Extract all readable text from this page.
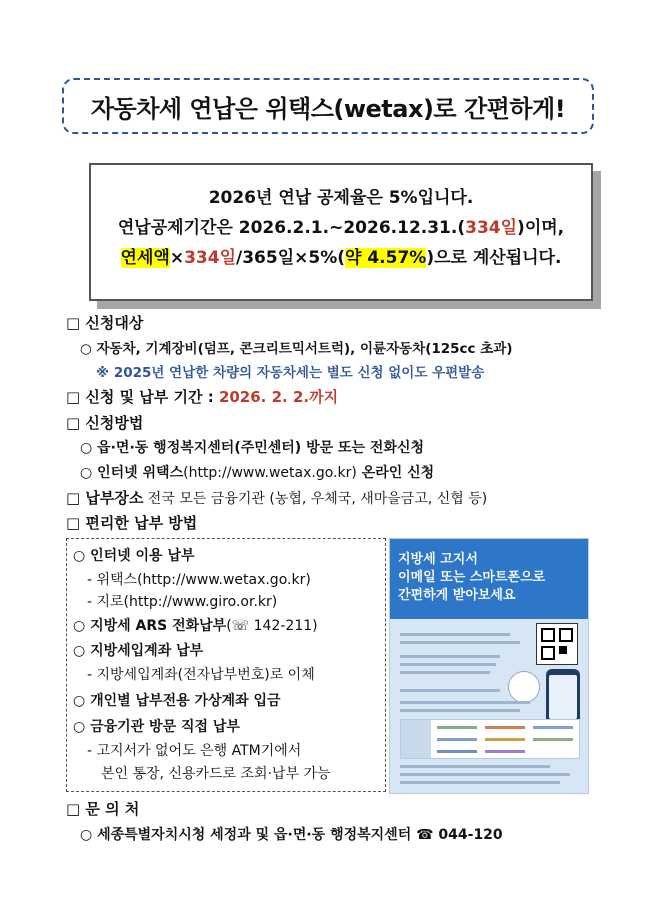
자동차세 연납은 위택스(wetax)로 간편하게!
2026년 연납 공제율은 5%입니다.
연납공제기간은 2026.2.1.~2026.12.31.(334일)이며,
연세액×334일/365일×5%(약 4.57%)으로 계산됩니다.
□ 신청대상
○ 자동차, 기계장비(덤프, 콘크리트믹서트럭), 이륜자동차(125cc 초과)
※ 2025년 연납한 차량의 자동차세는 별도 신청 없이도 우편발송
□ 신청 및 납부 기간 : 2026. 2. 2.까지
□ 신청방법
○ 읍·면·동 행정복지센터(주민센터) 방문 또는 전화신청
○ 인터넷 위택스(http://www.wetax.go.kr) 온라인 신청
□ 납부장소 전국 모든 금융기관 (농협, 우체국, 새마을금고, 신협 등)
□ 편리한 납부 방법
○ 인터넷 이용 납부
- 위택스(http://www.wetax.go.kr)
- 지로(http://www.giro.or.kr)
○ 지방세 ARS 전화납부(☏ 142-211)
○ 지방세입계좌 납부
- 지방세입계좌(전자납부번호)로 이체
○ 개인별 납부전용 가상계좌 입금
○ 금융기관 방문 직접 납부
- 고지서가 없어도 은행 ATM기에서
본인 통장, 신용카드로 조회·납부 가능
지방세 고지서
이메일 또는 스마트폰으로
간편하게 받아보세요
□ 문 의 처
○ 세종특별자치시청 세정과 및 읍·면·동 행정복지센터 ☎ 044-120
